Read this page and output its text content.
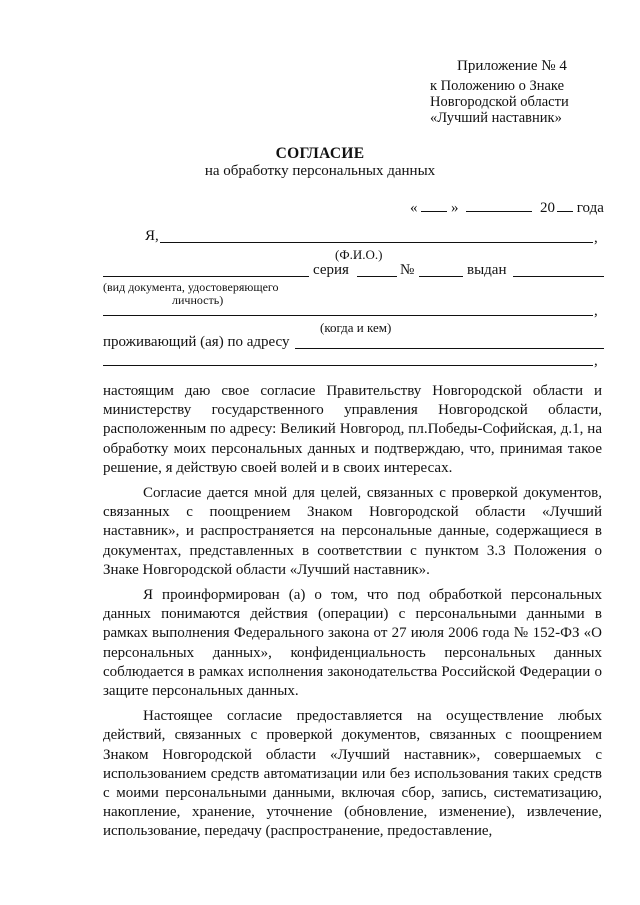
Приложение № 4
к Положению о Знаке
Новгородской области
«Лучший наставник»
СОГЛАСИЕ
на обработку персональных данных
« »	20 года
Я,	,
(Ф.И.О.)
серия	№	выдан
(вид документа, удостоверяющего
личность)
,
(когда и кем)
проживающий (ая) по адресу
,

настоящим даю свое согласие Правительству Новгородской области и министерству государственного управления Новгородской области, расположенным по адресу: Великий Новгород, пл.Победы-Софийская, д.1, на обработку моих персональных данных и подтверждаю, что, принимая такое решение, я действую своей волей и в своих интересах.

Согласие дается мной для целей, связанных с проверкой документов, связанных с поощрением Знаком Новгородской области «Лучший наставник», и распространяется на персональные данные, содержащиеся в документах, представленных в соответствии с пунктом 3.3 Положения о Знаке Новгородской области «Лучший наставник».

Я проинформирован (а) о том, что под обработкой персональных данных понимаются действия (операции) с персональными данными в рамках выполнения Федерального закона от 27 июля 2006 года № 152-ФЗ «О персональных данных», конфиденциальность персональных данных соблюдается в рамках исполнения законодательства Российской Федерации о защите персональных данных.

Настоящее согласие предоставляется на осуществление любых действий, связанных с проверкой документов, связанных с поощрением Знаком Новгородской области «Лучший наставник», совершаемых с использованием средств автоматизации или без использования таких средств с моими персональными данными, включая сбор, запись, систематизацию, накопление, хранение, уточнение (обновление, изменение), извлечение, использование, передачу (распространение, предоставление,
